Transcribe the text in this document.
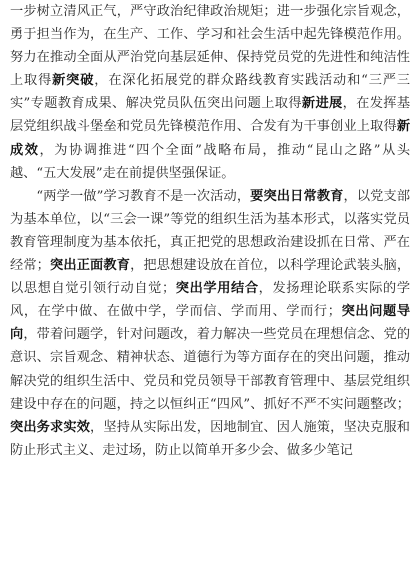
一步树立清风正气，严守政治纪律政治规矩；进一步强化宗旨观念，勇于担当作为，在生产、工作、学习和社会生活中起先锋模范作用。努力在推动全面从严治党向基层延伸、保持党员党的先进性和纯洁性上取得新突破，在深化拓展党的群众路线教育实践活动和“三严三实”专题教育成果、解决党员队伍突出问题上取得新进展，在发挥基层党组织战斗堡垒和党员先锋模范作用、合发有为干事创业上取得新成效，为协调推进“四个全面”战略布局，推动“昆山之路”从头越、“五大发展”走在前提供坚强保证。

“两学一做”学习教育不是一次活动，要突出日常教育，以党支部为基本单位，以“三会一课”等党的组织生活为基本形式，以落实党员教育管理制度为基本依托，真正把党的思想政治建设抓在日常、严在经常；突出正面教育，把思想建设放在首位，以科学理论武装头脑，以思想自觉引领行动自觉；突出学用结合，发扬理论联系实际的学风，在学中做、在做中学，学而信、学而用、学而行；突出问题导向，带着问题学，针对问题改，着力解决一些党员在理想信念、党的意识、宗旨观念、精神状态、道德行为等方面存在的突出问题，推动解决党的组织生活中、党员和党员领导干部教育管理中、基层党组织建设中存在的问题，持之以恒纠正“四风”、抓好不严不实问题整改；突出务求实效，坚持从实际出发，因地制宜、因人施策，坚决克服和防止形式主义、走过场，防止以简单开多少会、做多少笔记
